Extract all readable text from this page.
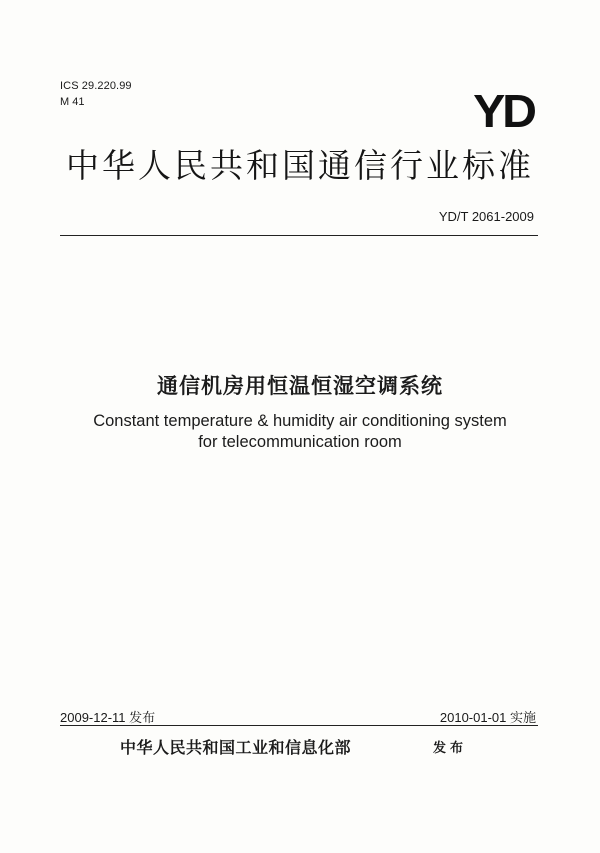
ICS 29.220.99
M 41	YD
中华人民共和国通信行业标准
YD/T 2061-2009
通信机房用恒温恒湿空调系统
Constant temperature & humidity air conditioning system
for telecommunication room
2009-12-11 发布	2010-01-01 实施
中华人民共和国工业和信息化部	发布
